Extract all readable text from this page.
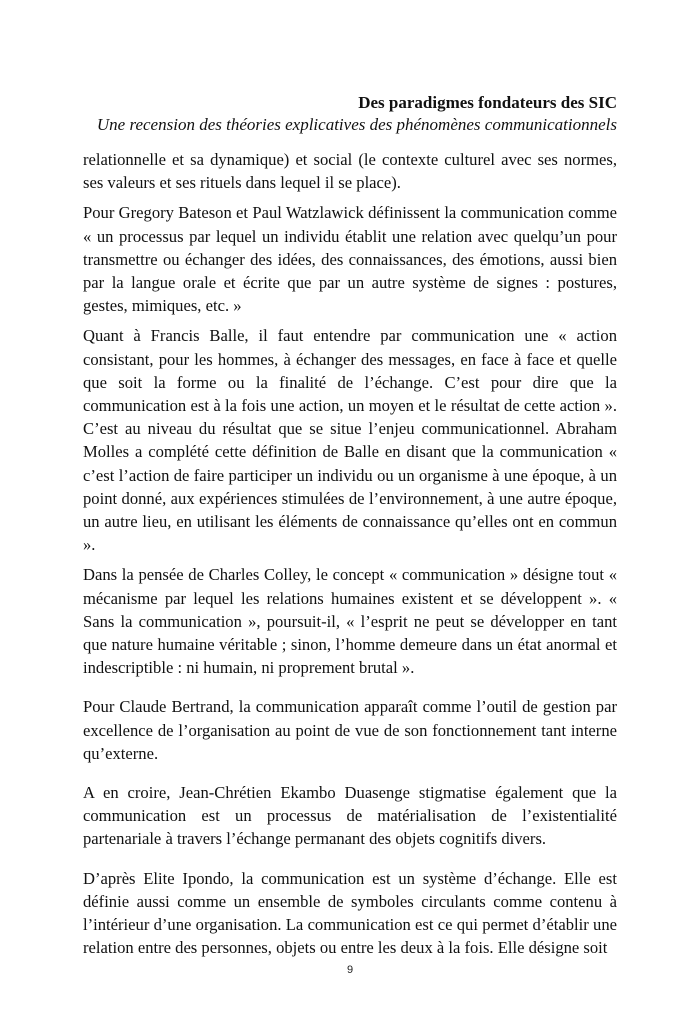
Des paradigmes fondateurs des SIC

Une recension des théories explicatives des phénomènes communicationnels

relationnelle et sa dynamique) et social (le contexte culturel avec ses normes, ses valeurs et ses rituels dans lequel il se place).

Pour Gregory Bateson et Paul Watzlawick définissent la communication comme « un processus par lequel un individu établit une relation avec quelqu’un pour transmettre ou échanger des idées, des connaissances, des émotions, aussi bien par la langue orale et écrite que par un autre système de signes : postures, gestes, mimiques, etc. »

Quant à Francis Balle, il faut entendre par communication une « action consistant, pour les hommes, à échanger des messages, en face à face et quelle que soit la forme ou la finalité de l’échange. C’est pour dire que la communication est à la fois une action, un moyen et le résultat de cette action ». C’est au niveau du résultat que se situe l’enjeu communicationnel. Abraham Molles a complété cette définition de Balle en disant que la communication « c’est l’action de faire participer un individu ou un organisme à une époque, à un point donné, aux expériences stimulées de l’environnement, à une autre époque, un autre lieu, en utilisant les éléments de connaissance qu’elles ont en commun ».

Dans la pensée de Charles Colley, le concept « communication » désigne tout « mécanisme par lequel les relations humaines existent et se développent ». « Sans la communication », poursuit-il, « l’esprit ne peut se développer en tant que nature humaine véritable ; sinon, l’homme demeure dans un état anormal et indescriptible : ni humain, ni proprement brutal ».

Pour Claude Bertrand, la communication apparaît comme l’outil de gestion par excellence de l’organisation au point de vue de son fonctionnement tant interne qu’externe.

A en croire, Jean-Chrétien Ekambo Duasenge stigmatise également que la communication est un processus de matérialisation de l’existentialité partenariale à travers l’échange permanant des objets cognitifs divers.

D’après Elite Ipondo, la communication est un système d’échange. Elle est définie aussi comme un ensemble de symboles circulants comme contenu à l’intérieur d’une organisation. La communication est ce qui permet d’établir une relation entre des personnes, objets ou entre les deux à la fois. Elle désigne soit

9
